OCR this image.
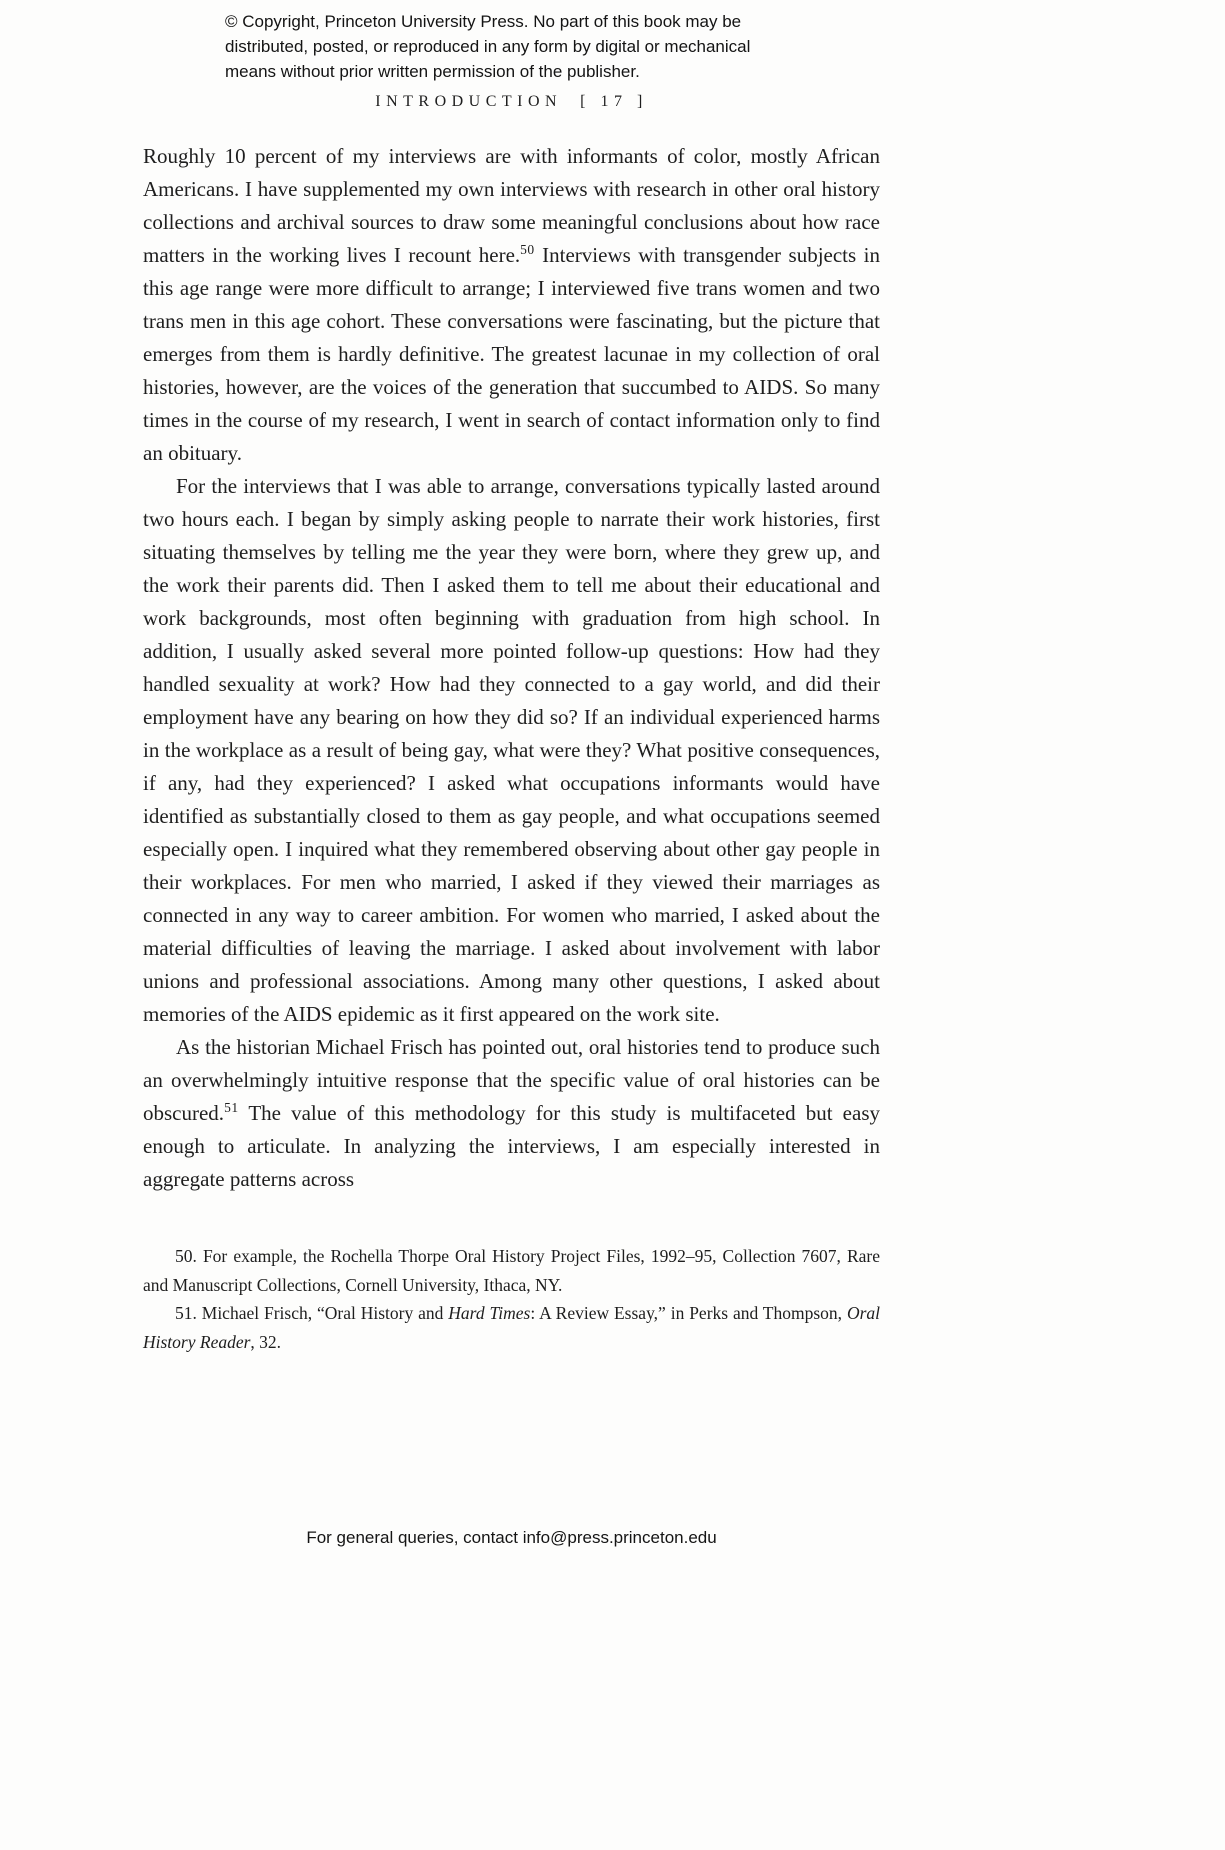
© Copyright, Princeton University Press. No part of this book may be
distributed, posted, or reproduced in any form by digital or mechanical
means without prior written permission of the publisher.
INTRODUCTION [ 17 ]

Roughly 10 percent of my interviews are with informants of color, mostly African Americans. I have supplemented my own interviews with research in other oral history collections and archival sources to draw some meaningful conclusions about how race matters in the working lives I recount here.$^{50}$ Interviews with transgender subjects in this age range were more difficult to arrange; I interviewed five trans women and two trans men in this age cohort. These conversations were fascinating, but the picture that emerges from them is hardly definitive. The greatest lacunae in my collection of oral histories, however, are the voices of the generation that succumbed to AIDS. So many times in the course of my research, I went in search of contact information only to find an obituary.

For the interviews that I was able to arrange, conversations typically lasted around two hours each. I began by simply asking people to narrate their work histories, first situating themselves by telling me the year they were born, where they grew up, and the work their parents did. Then I asked them to tell me about their educational and work backgrounds, most often beginning with graduation from high school. In addition, I usually asked several more pointed follow-up questions: How had they handled sexuality at work? How had they connected to a gay world, and did their employment have any bearing on how they did so? If an individual experienced harms in the workplace as a result of being gay, what were they? What positive consequences, if any, had they experienced? I asked what occupations informants would have identified as substantially closed to them as gay people, and what occupations seemed especially open. I inquired what they remembered observing about other gay people in their workplaces. For men who married, I asked if they viewed their marriages as connected in any way to career ambition. For women who married, I asked about the material difficulties of leaving the marriage. I asked about involvement with labor unions and professional associations. Among many other questions, I asked about memories of the AIDS epidemic as it first appeared on the work site.

As the historian Michael Frisch has pointed out, oral histories tend to produce such an overwhelmingly intuitive response that the specific value of oral histories can be obscured.$^{51}$ The value of this methodology for this study is multifaceted but easy enough to articulate. In analyzing the interviews, I am especially interested in aggregate patterns across

50. For example, the Rochella Thorpe Oral History Project Files, 1992–95, Collection 7607, Rare and Manuscript Collections, Cornell University, Ithaca, NY.

51. Michael Frisch, “Oral History and Hard Times: A Review Essay,” in Perks and Thompson, Oral History Reader, 32.

For general queries, contact info@press.princeton.edu
